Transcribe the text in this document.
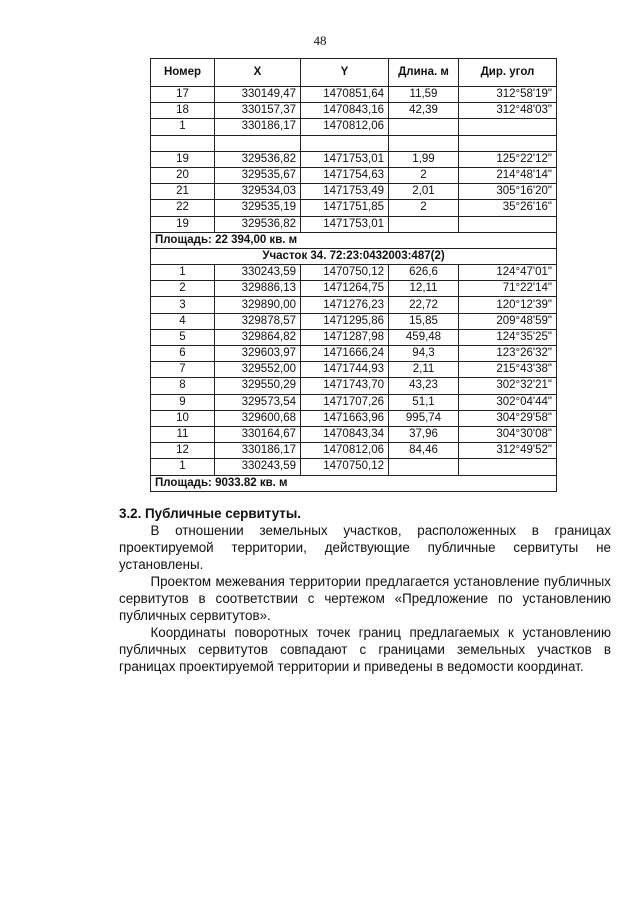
48
Номер	X	Y	Длина. м	Дир. угол
17	330149,47	1470851,64	11,59	312°58'19"
18	330157,37	1470843,16	42,39	312°48'03"
1	330186,17	1470812,06		

19	329536,82	1471753,01	1,99	125°22'12"
20	329535,67	1471754,63	2	214°48'14"
21	329534,03	1471753,49	2,01	305°16'20"
22	329535,19	1471751,85	2	35°26'16"
19	329536,82	1471753,01		
Площадь: 22 394,00 кв. м				
Участок 34. 72:23:0432003:487(2)				
1	330243,59	1470750,12	626,6	124°47'01"
2	329886,13	1471264,75	12,11	71°22'14"
3	329890,00	1471276,23	22,72	120°12'39"
4	329878,57	1471295,86	15,85	209°48'59"
5	329864,82	1471287,98	459,48	124°35'25"
6	329603,97	1471666,24	94,3	123°26'32"
7	329552,00	1471744,93	2,11	215°43'38"
8	329550,29	1471743,70	43,23	302°32'21"
9	329573,54	1471707,26	51,1	302°04'44"
10	329600,68	1471663,96	995,74	304°29'58"
11	330164,67	1470843,34	37,96	304°30'08"
12	330186,17	1470812,06	84,46	312°49'52"
1	330243,59	1470750,12		
Площадь: 9033.82 кв. м				
3.2. Публичные сервитуты.
В отношении земельных участков, расположенных в границах проектируемой территории, действующие публичные сервитуты не установлены.
Проектом межевания территории предлагается установление публичных сервитутов в соответствии с чертежом «Предложение по установлению публичных сервитутов».
Координаты поворотных точек границ предлагаемых к установлению публичных сервитутов совпадают с границами земельных участков в границах проектируемой территории и приведены в ведомости координат.
